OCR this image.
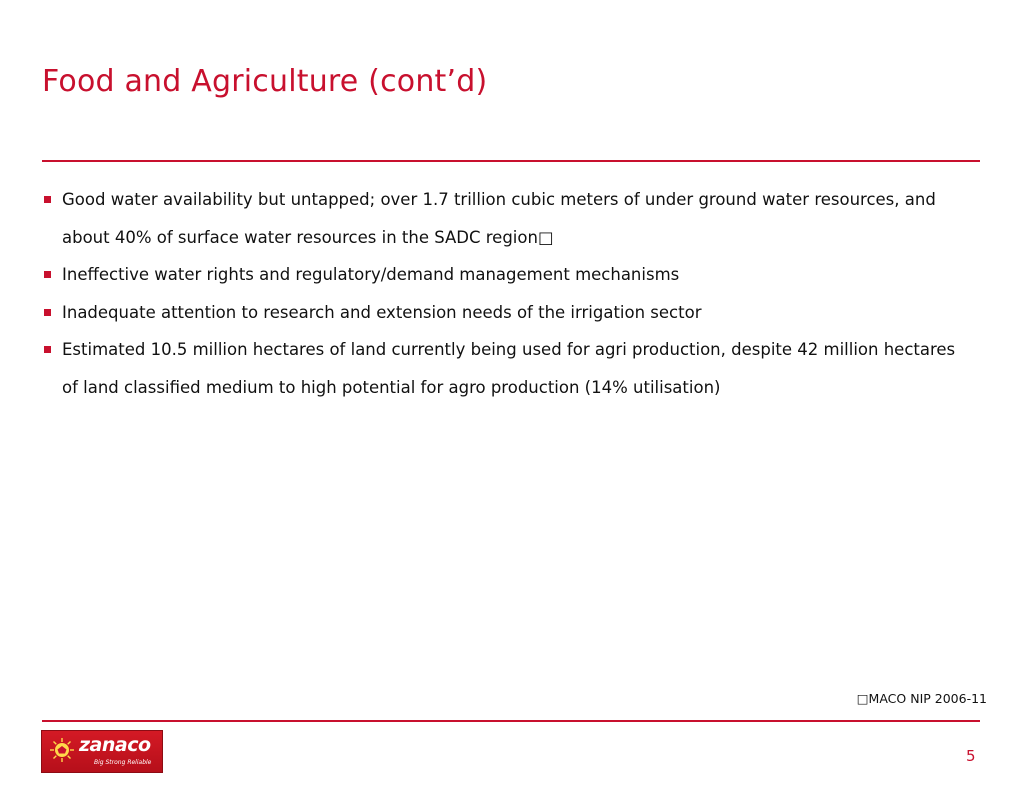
Food and Agriculture (cont’d)
Good water availability but untapped; over 1.7 trillion cubic meters of under ground water resources, and about 40% of surface water resources in the SADC region□
Ineffective water rights and regulatory/demand management mechanisms
Inadequate attention to research and extension needs of the irrigation sector
Estimated 10.5 million hectares of land currently being used for agri production, despite 42 million hectares of land classified medium to high potential for agro production (14% utilisation)
□MACO NIP 2006-11
zanaco
Big Strong Reliable	5
